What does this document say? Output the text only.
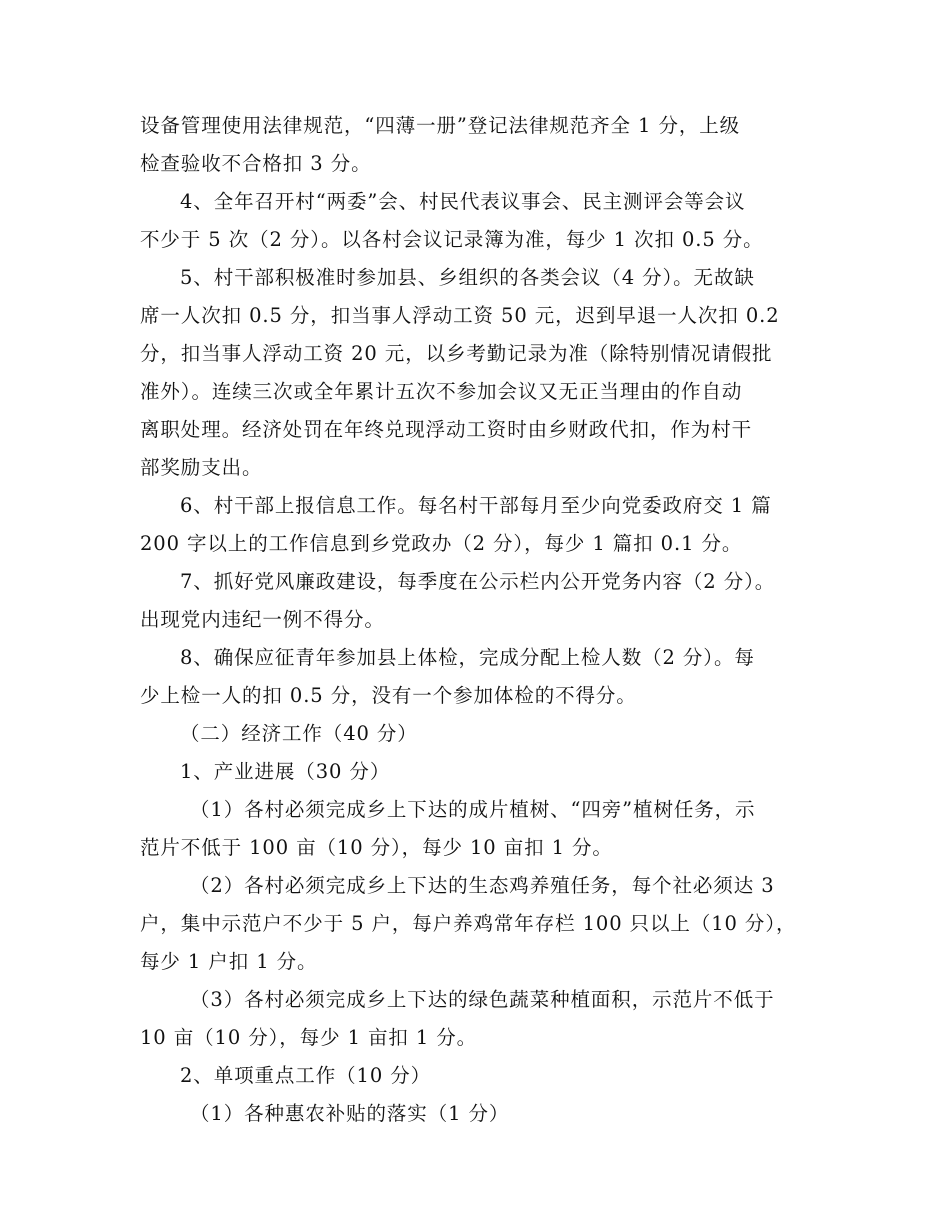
设备管理使用法律规范，“四薄一册”登记法律规范齐全 1 分，上级
检查验收不合格扣 3 分。
4、全年召开村“两委”会、村民代表议事会、民主测评会等会议
不少于 5 次（2 分）。以各村会议记录簿为准，每少 1 次扣 0.5 分。
5、村干部积极准时参加县、乡组织的各类会议（4 分）。无故缺
席一人次扣 0.5 分，扣当事人浮动工资 50 元，迟到早退一人次扣 0.2
分，扣当事人浮动工资 20 元，以乡考勤记录为准（除特别情况请假批
准外）。连续三次或全年累计五次不参加会议又无正当理由的作自动
离职处理。经济处罚在年终兑现浮动工资时由乡财政代扣，作为村干
部奖励支出。
6、村干部上报信息工作。每名村干部每月至少向党委政府交 1 篇
200 字以上的工作信息到乡党政办（2 分），每少 1 篇扣 0.1 分。
7、抓好党风廉政建设，每季度在公示栏内公开党务内容（2 分）。
出现党内违纪一例不得分。
8、确保应征青年参加县上体检，完成分配上检人数（2 分）。每
少上检一人的扣 0.5 分，没有一个参加体检的不得分。
（二）经济工作（40 分）
1、产业进展（30 分）
（1）各村必须完成乡上下达的成片植树、“四旁”植树任务，示
范片不低于 100 亩（10 分），每少 10 亩扣 1 分。
（2）各村必须完成乡上下达的生态鸡养殖任务，每个社必须达 3
户，集中示范户不少于 5 户，每户养鸡常年存栏 100 只以上（10 分），
每少 1 户扣 1 分。
（3）各村必须完成乡上下达的绿色蔬菜种植面积，示范片不低于
10 亩（10 分），每少 1 亩扣 1 分。
2、单项重点工作（10 分）
（1）各种惠农补贴的落实（1 分）
